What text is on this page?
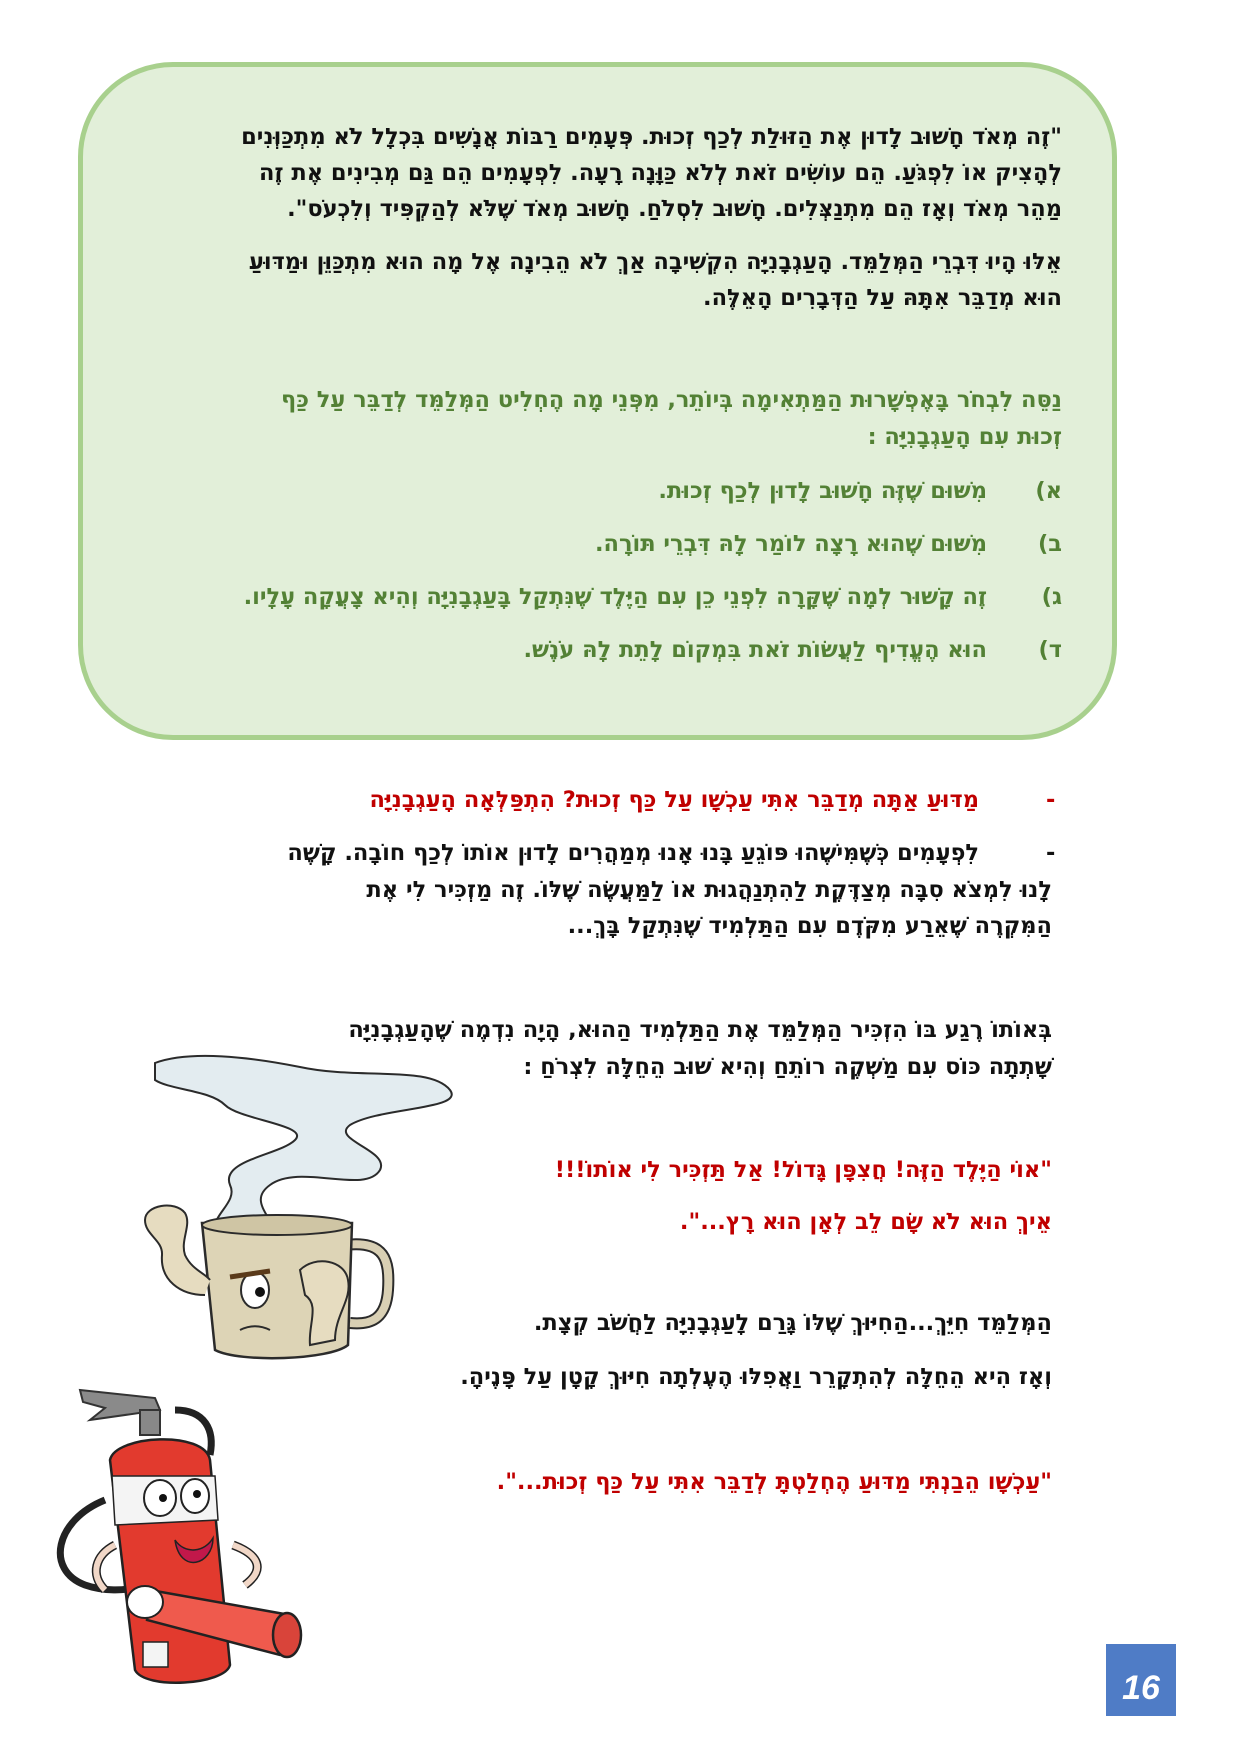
"זֶה מְאֹד חָשׁוּב לָדוּן אֶת הַזּוּלַת לְכַף זְכוּת. פְּעָמִים רַבּוֹת אֲנָשִׁים בִּכְלָל לֹא מִתְכַּוְּנִים
לְהָצִיק אוֹ לִפְגֹּעַ. הֵם עוֹשִׂים זֹאת לְלֹא כַּוָּנָה רָעָה. לִפְעָמִים הֵם גַּם מְבִינִים אֶת זֶה
מַהֵר מְאֹד וְאָז הֵם מִתְנַצְּלִים. חָשׁוּב לִסְלֹחַ. חָשׁוּב מְאֹד שֶׁלֹּא לְהַקְפִּיד וְלִכְעֹס".
אֵלּוּ הָיוּ דִּבְרֵי הַמְּלַמֵּד. הָעַגְבָנִיָּה הִקְשִׁיבָה אַךְ לֹא הֵבִינָה אֶל מָה הוּא מִתְכַּוֵּן וּמַדּוּעַ
הוּא מְדַבֵּר אִתָּהּ עַל הַדְּבָרִים הָאֵלֶּה.
נַסֵּה לִבְחֹר בָּאֶפְשָׁרוּת הַמַּתְאִימָה בְּיוֹתֵר, מִפְּנֵי מָה הֶחְלִיט הַמְּלַמֵּד לְדַבֵּר עַל כַּף
זְכוּת עִם הָעַגְבָנִיָּה :
א)
מִשּׁוּם שֶׁזֶּה חָשׁוּב לָדוּן לְכַף זְכוּת.
ב)
מִשּׁוּם שֶׁהוּא רָצָה לוֹמַר לָהּ דִּבְרֵי תּוֹרָה.
ג)
זֶה קָשׁוּר לְמָה שֶׁקָּרָה לִפְנֵי כֵן עִם הַיֶּלֶד שֶׁנִּתְקַל בָּעַגְבָנִיָּה וְהִיא צָעֲקָה עָלָיו.
ד)
הוּא הֶעֱדִיף לַעֲשׂוֹת זֹאת בִּמְקוֹם לָתֵת לָהּ עֹנֶשׁ.
-
מַדּוּעַ אַתָּה מְדַבֵּר אִתִּי עַכְשָׁו עַל כַּף זְכוּת? הִתְפַּלְּאָה הָעַגְבָנִיָּה
-
לִפְעָמִים כְּשֶׁמִּישֶׁהוּ פּוֹגֵעַ בָּנוּ אָנוּ מְמַהֲרִים לָדוּן אוֹתוֹ לְכַף חוֹבָה. קָשֶׁה
לָנוּ לִמְצֹא סִבָּה מְצַדֶּקֶת לַהִתְנַהֲגוּת אוֹ לַמַּעֲשֶׂה שֶׁלּוֹ. זֶה מַזְכִּיר לִי אֶת
הַמִּקְרֶה שֶׁאֵרַע מִקֹּדֶם עִם הַתַּלְמִיד שֶׁנִּתְקַל בָּךְ...
בְּאוֹתוֹ רֶגַע בּוֹ הִזְכִּיר הַמְּלַמֵּד אֶת הַתַּלְמִיד הַהוּא, הָיָה נִדְמֶה שֶׁהָעַגְבָנִיָּה
שָׁתְתָה כּוֹס עִם מַשְׁקֶה רוֹתֵחַ וְהִיא שׁוּב הֵחֵלָּה לִצְרֹחַ :
"אוֹי הַיֶּלֶד הַזֶּה! חֲצִפָּן גָּדוֹל! אַל תַּזְכִּיר לִי אוֹתוֹ!!!
אֵיךְ הוּא לֹא שָׂם לֵב לְאָן הוּא רָץ...".
הַמְּלַמֵּד חִיֵּךְ...הַחִיּוּךְ שֶׁלּוֹ גָּרַם לָעַגְבָנִיָּה לַחֲשֹׁב קְצָת.
וְאָז הִיא הֵחֵלָּה לְהִתְקָרֵר וַאֲפִלּוּ הֶעֶלְתָה חִיּוּךְ קָטָן עַל פָּנֶיהָ.
"עַכְשָׁו הֵבַנְתִּי מַדּוּעַ הֶחְלַטְתָּ לְדַבֵּר אִתִּי עַל כַּף זְכוּת...".
16
